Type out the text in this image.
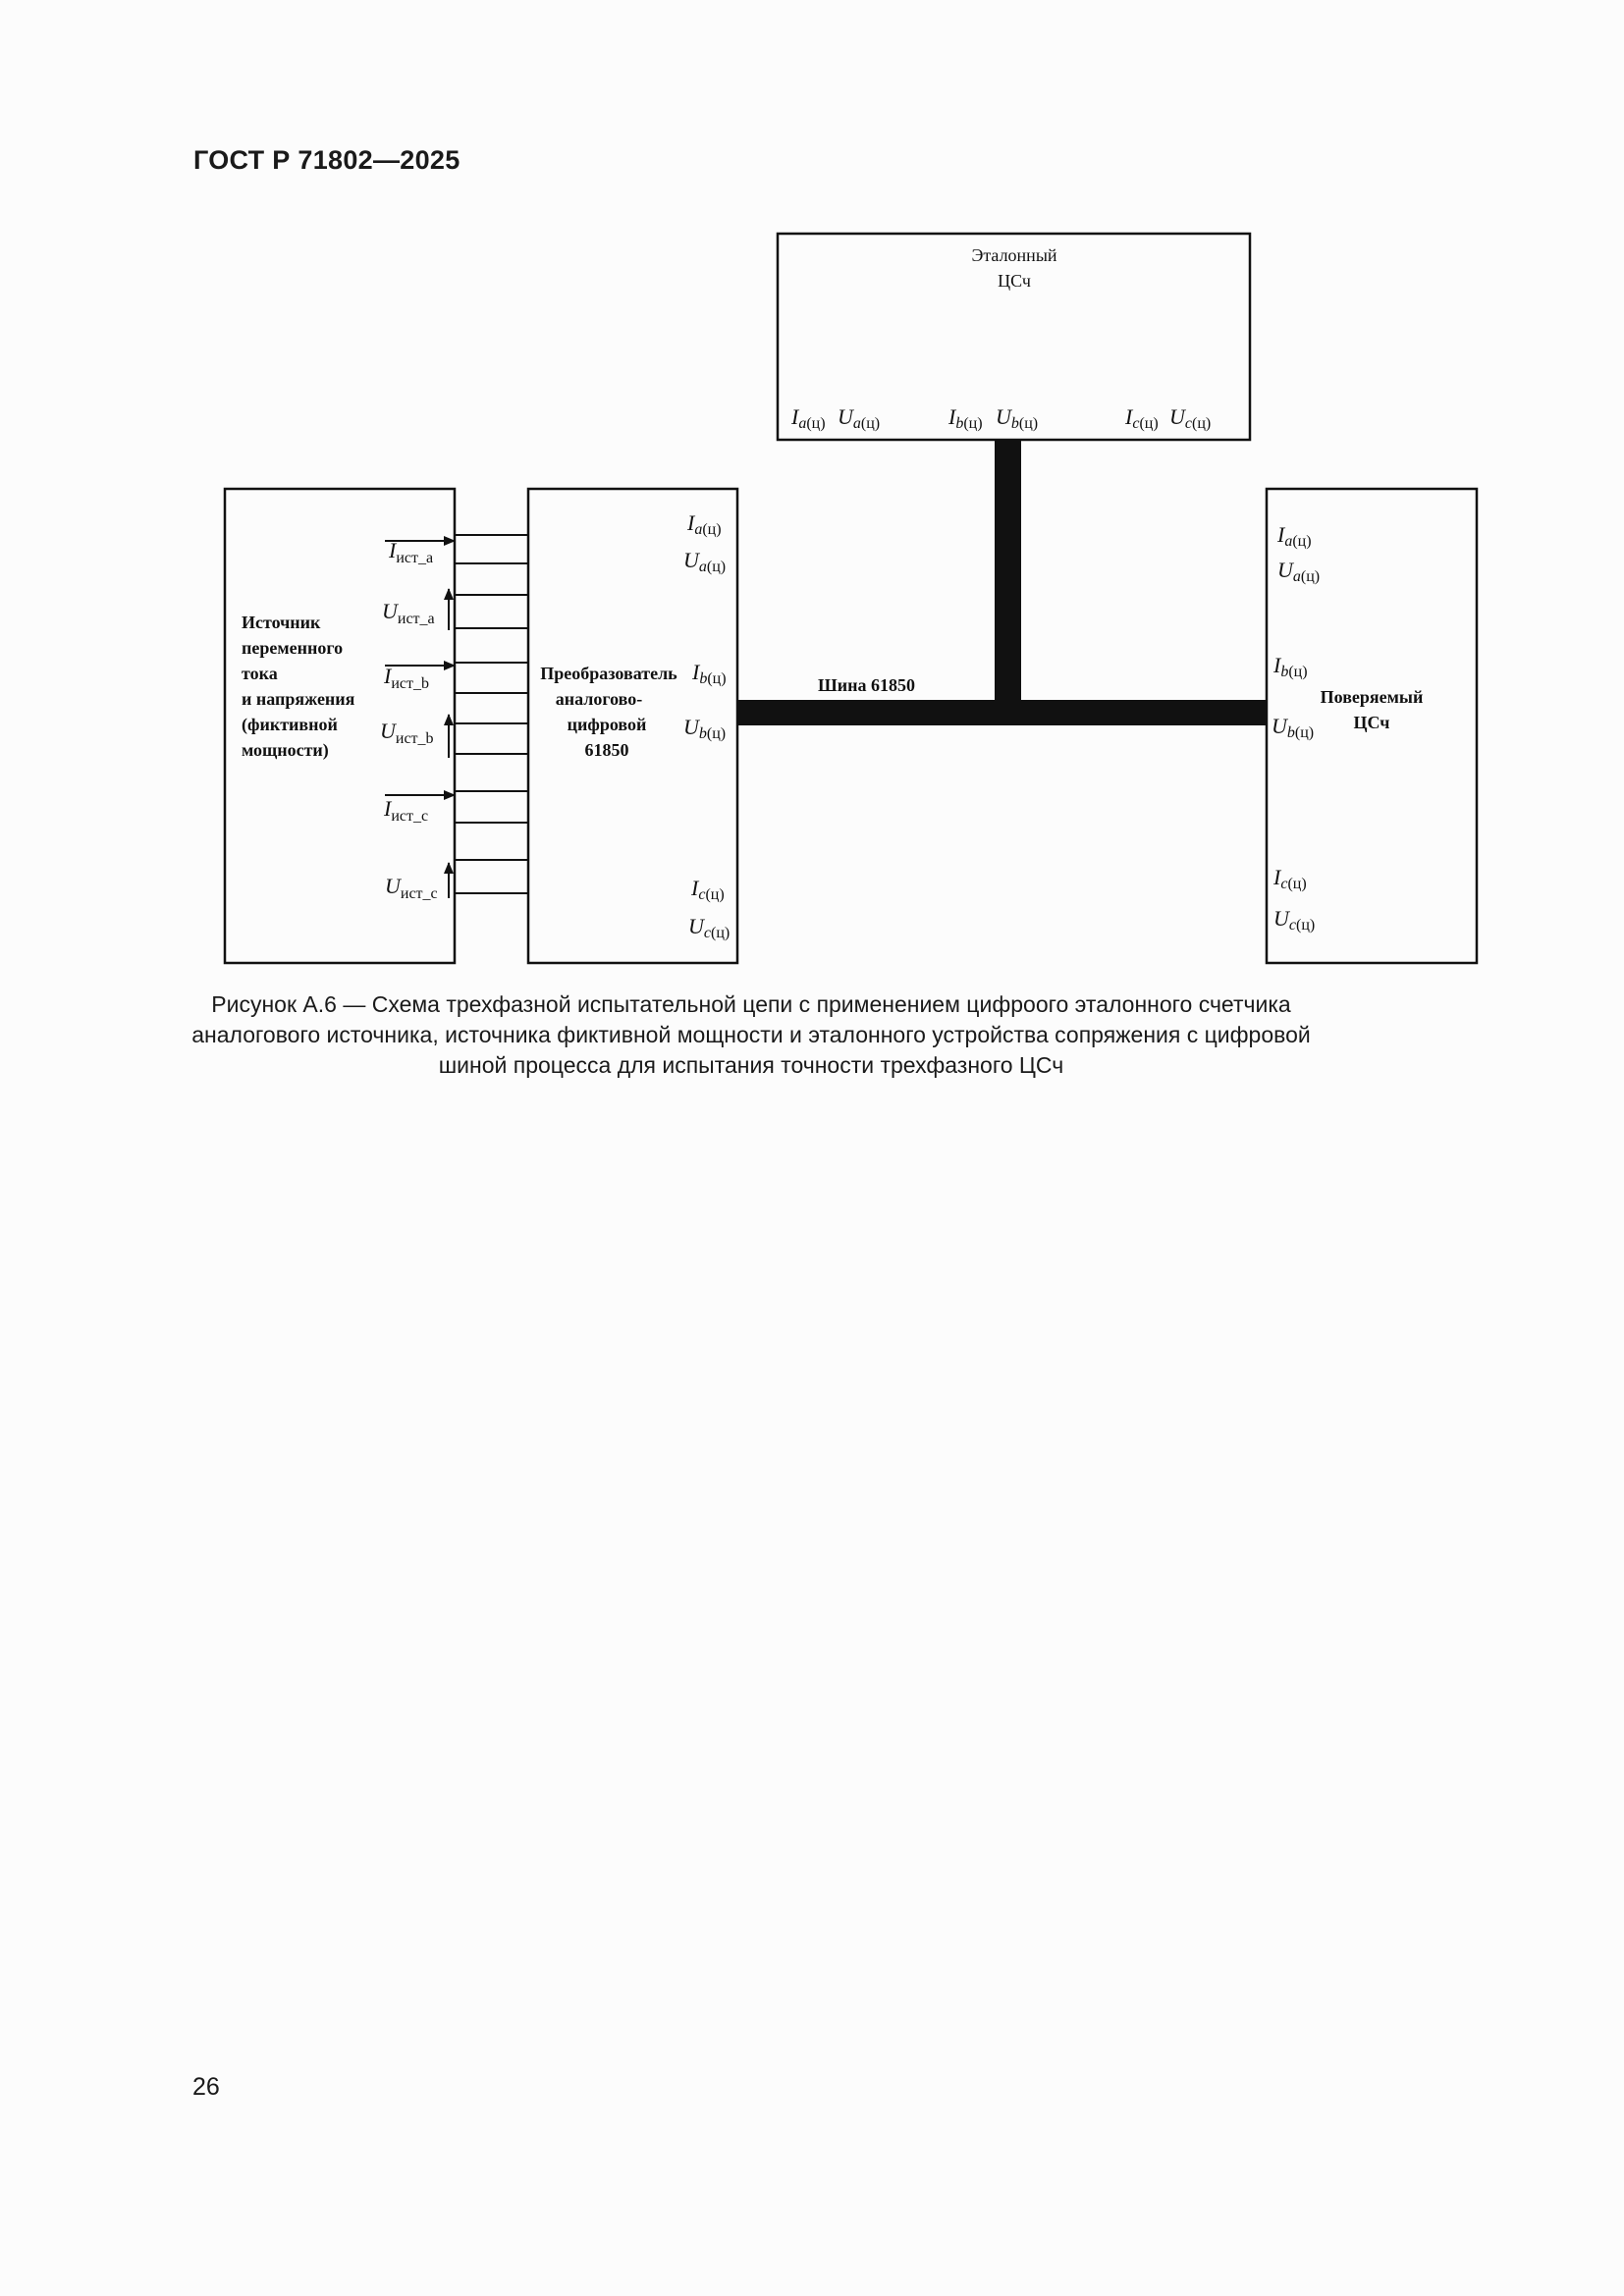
ГОСТ Р 71802—2025
Эталонный
ЦСч
Источник
переменного
тока
и напряжения
(фиктивной
мощности)
Преобразователь
аналогово-
цифровой
61850
Поверяемый
ЦСч
Шина 61850
$I_{ист\_}a$
$U_{ист\_}a$
$I_{ист\_}b$
$U_{ист\_}b$
$I_{ист\_}c$
$U_{ист\_}c$
Ia(ц)
Ua(ц)
Ib(ц)
Ub(ц)
Ic(ц)
Uc(ц)
Ia(ц) Ua(ц)	Ib(ц) Ub(ц)	Ic(ц) Uc(ц)
Ia(ц)
Ua(ц)
Ib(ц)
Ub(ц)
Ic(ц)
Uc(ц)
Рисунок А.6 — Схема трехфазной испытательной цепи с применением цифроого эталонного счетчика аналогового источника, источника фиктивной мощности и эталонного устройства сопряжения с цифровой шиной процесса для испытания точности трехфазного ЦСч
26
